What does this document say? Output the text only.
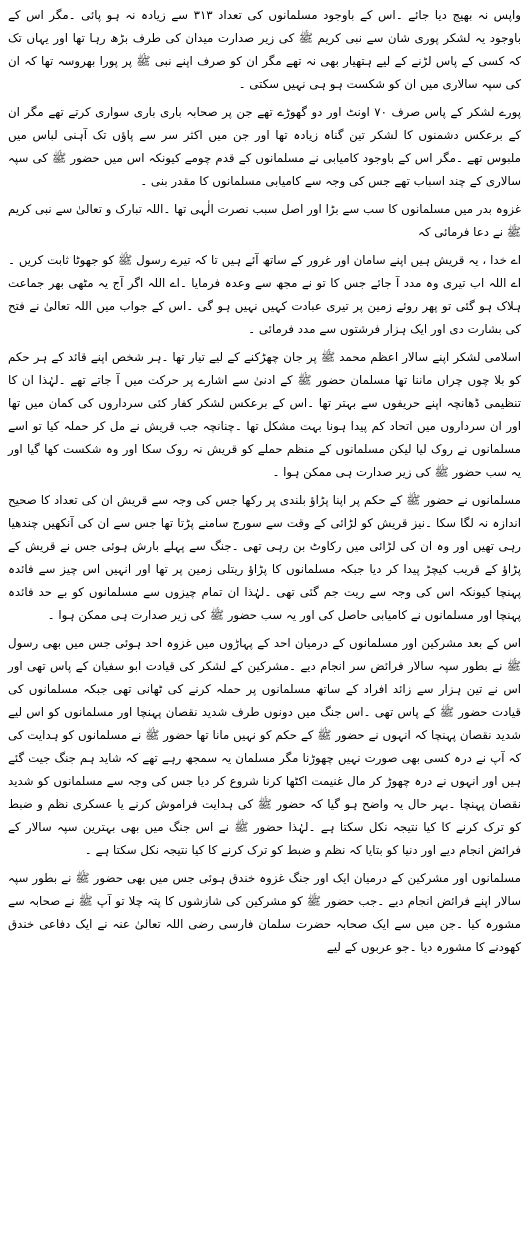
واپس نہ بھیج دیا جائے ۔اس کے باوجود مسلمانوں کی تعداد ۳۱۳ سے زیادہ نہ ہو پائی ۔مگر اس کے باوجود یہ لشکر پوری شان سے نبی کریم ﷺ کی زیر صدارت میدان کی طرف بڑھ رہا تھا اور یہاں تک کہ کسی کے پاس لڑنے کے لیے ہتھیار بھی نہ تھے مگر ان کو صرف اپنے نبی ﷺ پر پورا بھروسہ تھا کہ ان کی سپہ سالاری میں ان کو شکست ہو ہی نہیں سکتی ۔

پورے لشکر کے پاس صرف ۷۰ اونٹ اور دو گھوڑے تھے جن پر صحابہ باری باری سواری کرتے تھے مگر ان کے برعکس دشمنوں کا لشکر تین گناہ زیادہ تھا اور جن میں اکثر سر سے پاؤں تک آہنی لباس میں ملبوس تھے ۔مگر اس کے باوجود کامیابی نے مسلمانوں کے قدم چومے کیونکہ اس میں حضور ﷺ کی سپہ سالاری کے چند اسباب تھے جس کی وجہ سے کامیابی مسلمانوں کا مقدر بنی ۔

غزوہ بدر میں مسلمانوں کا سب سے بڑا اور اصل سبب نصرت الٰہی تھا ۔اللہ تبارک و تعالیٰ سے نبی کریم ﷺ نے دعا فرمائی کہ

اے خدا ، یہ قریش ہیں اپنے سامان اور غرور کے ساتھ آئے ہیں تا کہ تیرے رسول ﷺ کو جھوٹا ثابت کریں ۔اے اللہ اب تیری وہ مدد آ جائے جس کا تو نے مجھ سے وعدہ فرمایا ۔اے اللہ اگر آج یہ مٹھی بھر جماعت ہلاک ہو گئی تو پھر روئے زمین پر تیری عبادت کہیں نہیں ہو گی ۔اس کے جواب میں اللہ تعالیٰ نے فتح کی بشارت دی اور ایک ہزار فرشتوں سے مدد فرمائی ۔

اسلامی لشکر اپنے سالار اعظم محمد ﷺ پر جان چھڑکنے کے لیے تیار تھا ۔ہر شخص اپنے قائد کے ہر حکم کو بلا چوں چراں ماننا تھا مسلمان حضور ﷺ کے ادنیٰ سے اشارے پر حرکت میں آ جاتے تھے ۔لہٰذا ان کا تنظیمی ڈھانچہ اپنے حریفوں سے بہتر تھا ۔اس کے برعکس لشکر کفار کئی سرداروں کی کمان میں تھا اور ان سرداروں میں اتحاد کم پیدا ہونا بہت مشکل تھا ۔چنانچہ جب قریش نے مل کر حملہ کیا تو اسے مسلمانوں نے روک لیا لیکن مسلمانوں کے منظم حملے کو قریش نہ روک سکا اور وہ شکست کھا گیا اور یہ سب حضور ﷺ کی زیر صدارت ہی ممکن ہوا ۔

مسلمانوں نے حضور ﷺ کے حکم پر اپنا پڑاؤ بلندی پر رکھا جس کی وجہ سے قریش ان کی تعداد کا صحیح اندازہ نہ لگا سکا ۔نیز قریش کو لڑائی کے وقت سے سورج سامنے پڑتا تھا جس سے ان کی آنکھیں چندھیا رہی تھیں اور وہ ان کی لڑائی میں رکاوٹ بن رہی تھی ۔جنگ سے پہلے بارش ہوئی جس نے قریش کے پڑاؤ کے قریب کیچڑ پیدا کر دیا جبکہ مسلمانوں کا پڑاؤ ریتلی زمین پر تھا اور انہیں اس چیز سے فائدہ پہنچا کیونکہ اس کی وجہ سے ریت جم گئی تھی ۔لہٰذا ان تمام چیزوں سے مسلمانوں کو بے حد فائدہ پہنچا اور مسلمانوں نے کامیابی حاصل کی اور یہ سب حضور ﷺ کی زیر صدارت ہی ممکن ہوا ۔

اس کے بعد مشرکین اور مسلمانوں کے درمیان احد کے پہاڑوں میں غزوہ احد ہوئی جس میں بھی رسول ﷺ نے بطور سپہ سالار فرائض سر انجام دیے ۔مشرکین کے لشکر کی قیادت ابو سفیان کے پاس تھی اور اس نے تین ہزار سے زائد افراد کے ساتھ مسلمانوں پر حملہ کرنے کی ٹھانی تھی جبکہ مسلمانوں کی قیادت حضور ﷺ کے پاس تھی ۔اس جنگ میں دونوں طرف شدید نقصان پہنچا اور مسلمانوں کو اس لیے شدید نقصان پہنچا کہ انہوں نے حضور ﷺ کے حکم کو نہیں مانا تھا حضور ﷺ نے مسلمانوں کو ہدایت کی کہ آپ نے درہ کسی بھی صورت نہیں چھوڑنا مگر مسلمان یہ سمجھ رہے تھے کہ شاید ہم جنگ جیت گئے ہیں اور انہوں نے درہ چھوڑ کر مال غنیمت اکٹھا کرنا شروع کر دیا جس کی وجہ سے مسلمانوں کو شدید نقصان پہنچا ۔بہر حال یہ واضح ہو گیا کہ حضور ﷺ کی ہدایت فراموش کرنے یا عسکری نظم و ضبط کو ترک کرنے کا کیا نتیجہ نکل سکتا ہے ۔لہٰذا حضور ﷺ نے اس جنگ میں بھی بہترین سپہ سالار کے فرائض انجام دیے اور دنیا کو بتایا کہ نظم و ضبط کو ترک کرنے کا کیا نتیجہ نکل سکتا ہے ۔

مسلمانوں اور مشرکین کے درمیان ایک اور جنگ غزوہ خندق ہوئی جس میں بھی حضور ﷺ نے بطور سپہ سالار اپنے فرائض انجام دیے ۔جب حضور ﷺ کو مشرکین کی شازشوں کا پتہ چلا تو آپ ﷺ نے صحابہ سے مشورہ کیا ۔جن میں سے ایک صحابہ حضرت سلمان فارسی رضی اللہ تعالیٰ عنہ نے ایک دفاعی خندق کھودنے کا مشورہ دیا ۔جو عربوں کے لیے
